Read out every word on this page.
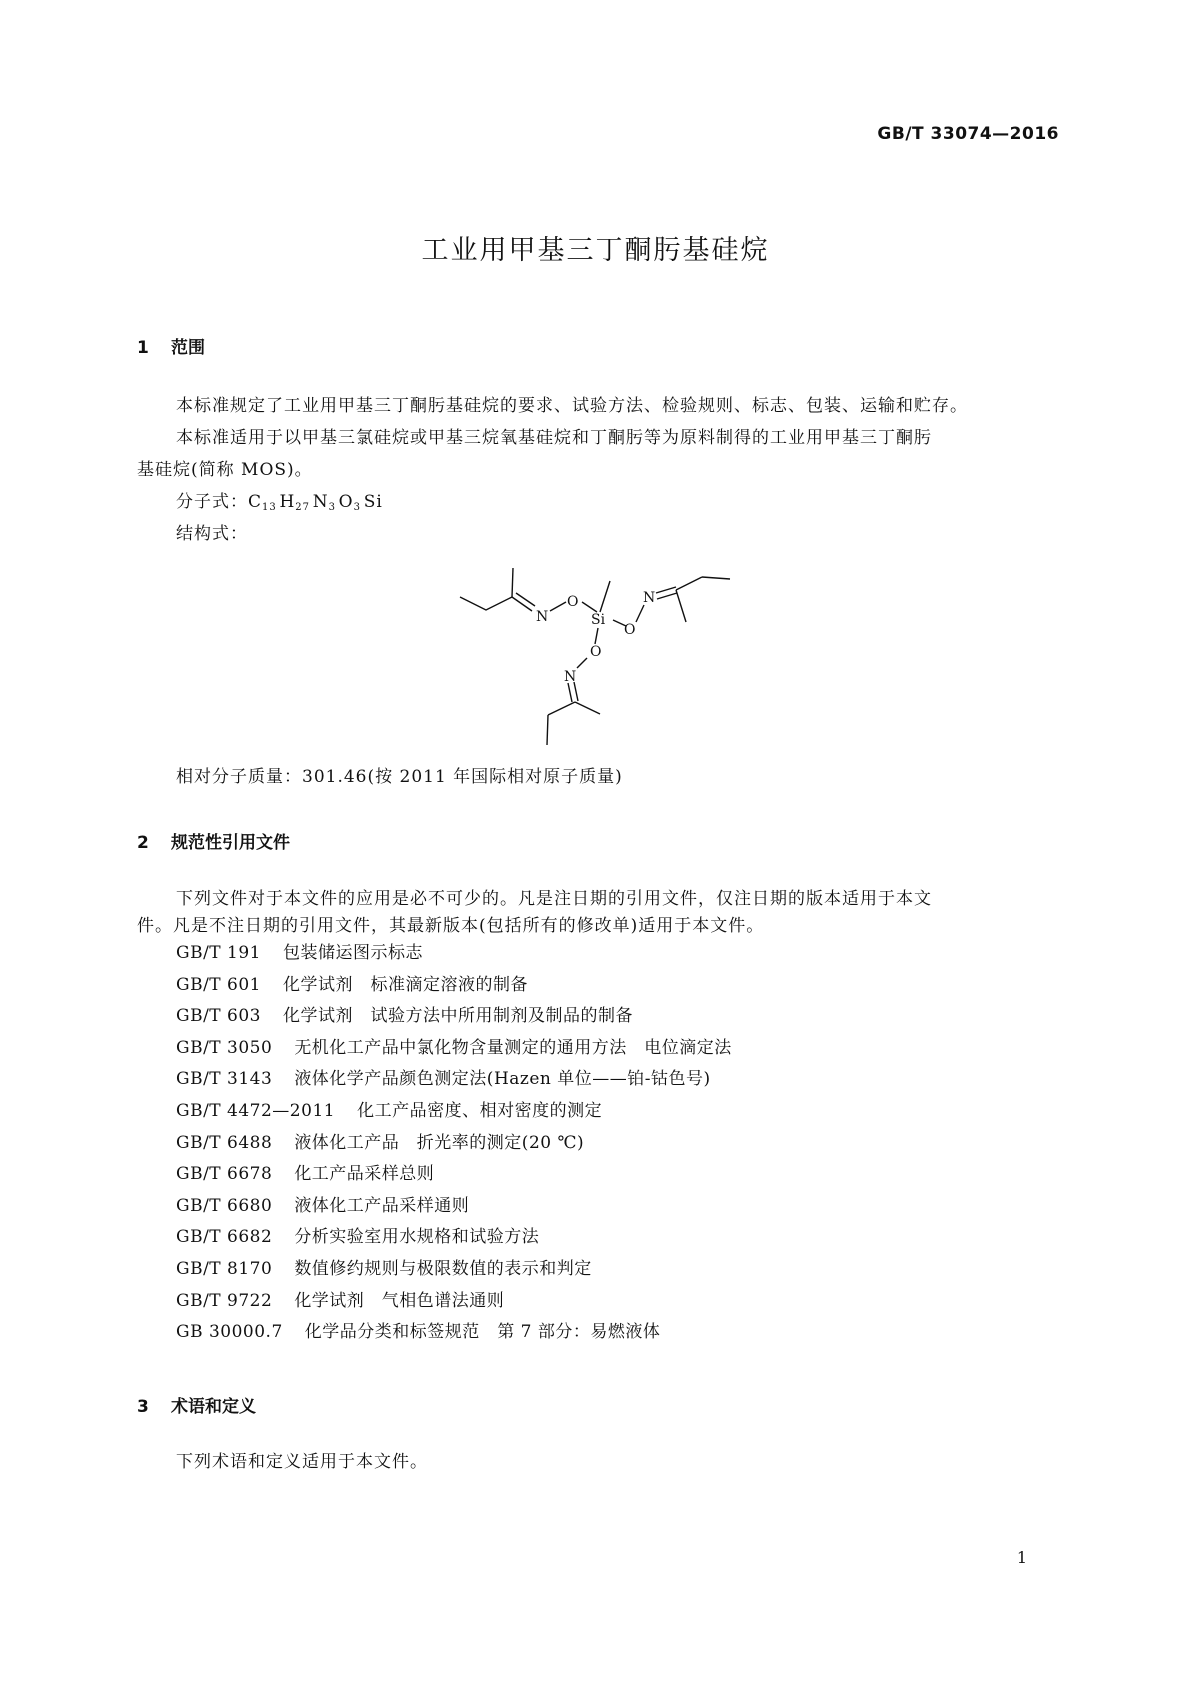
GB/T 33074—2016
工业用甲基三丁酮肟基硅烷
1 范围
本标准规定了工业用甲基三丁酮肟基硅烷的要求、试验方法、检验规则、标志、包装、运输和贮存。
本标准适用于以甲基三氯硅烷或甲基三烷氧基硅烷和丁酮肟等为原料制得的工业用甲基三丁酮肟
基硅烷(简称 MOS)。
分子式：$C_{13}$  $H_{27}$  $N_3$  $O_3$  Si
结构式：
N
O
Si
O
N
O
N
相对分子质量：301.46(按 2011 年国际相对原子质量)
2 规范性引用文件
下列文件对于本文件的应用是必不可少的。凡是注日期的引用文件，仅注日期的版本适用于本文
件。凡是不注日期的引用文件，其最新版本(包括所有的修改单)适用于本文件。
GB/T 191 包装储运图示标志
GB/T 601 化学试剂　标准滴定溶液的制备
GB/T 603 化学试剂　试验方法中所用制剂及制品的制备
GB/T 3050 无机化工产品中氯化物含量测定的通用方法　电位滴定法
GB/T 3143 液体化学产品颜色测定法(Hazen 单位——铂-钴色号)
GB/T 4472—2011 化工产品密度、相对密度的测定
GB/T 6488 液体化工产品　折光率的测定(20 ℃)
GB/T 6678 化工产品采样总则
GB/T 6680 液体化工产品采样通则
GB/T 6682 分析实验室用水规格和试验方法
GB/T 8170 数值修约规则与极限数值的表示和判定
GB/T 9722 化学试剂　气相色谱法通则
GB 30000.7 化学品分类和标签规范　第 7 部分：易燃液体
3 术语和定义
下列术语和定义适用于本文件。
1
